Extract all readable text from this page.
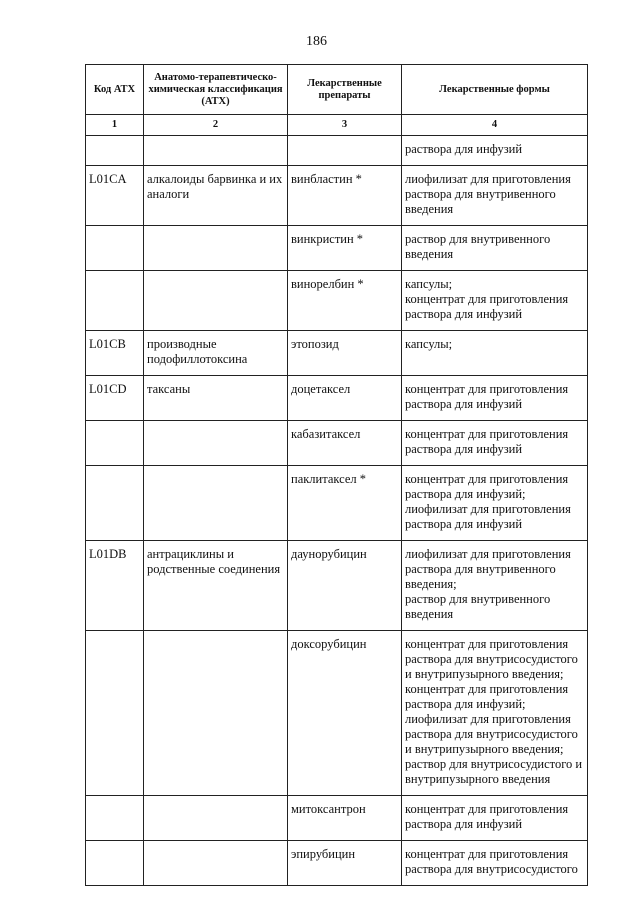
186
Код АТХ	Анатомо-терапевтическо-химическая классификация (АТХ)	Лекарственные препараты	Лекарственные формы
1	2	3	4

			раствора для инфузий

L01CA	алкалоиды барвинка и их аналоги	винбластин *	лиофилизат для приготовления раствора для внутривенного введения

		винкристин *	раствор для внутривенного введения

		винорелбин *	капсулы;
концентрат для приготовления раствора для инфузий

L01CB	производные подофиллотоксина	этопозид	капсулы;

L01CD	таксаны	доцетаксел	концентрат для приготовления раствора для инфузий

		кабазитаксел	концентрат для приготовления раствора для инфузий

		паклитаксел *	концентрат для приготовления раствора для инфузий;
лиофилизат для приготовления раствора для инфузий

L01DB	антрациклины и родственные соединения	даунорубицин	лиофилизат для приготовления раствора для внутривенного введения;
раствор для внутривенного введения

		доксорубицин	концентрат для приготовления раствора для внутрисосудистого и внутрипузырного введения;
концентрат для приготовления раствора для инфузий;
лиофилизат для приготовления раствора для внутрисосудистого и внутрипузырного введения;
раствор для внутрисосудистого и внутрипузырного введения

		митоксантрон	концентрат для приготовления раствора для инфузий

		эпирубицин	концентрат для приготовления раствора для внутрисосудистого
